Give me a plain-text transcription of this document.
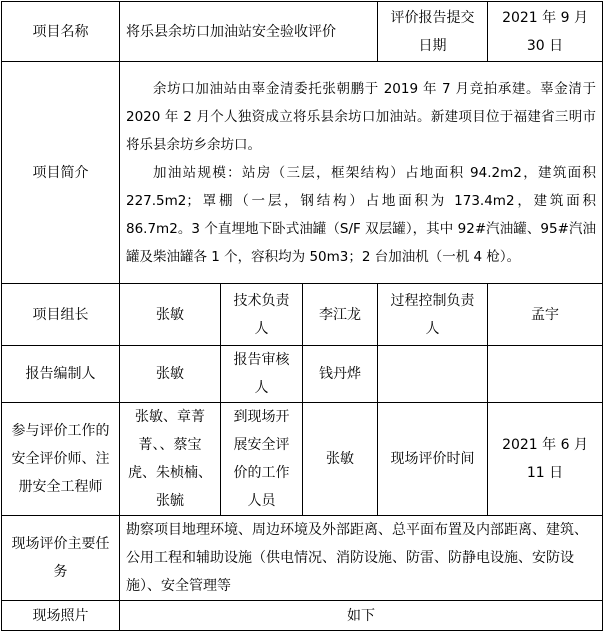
项目名称	将乐县余坊口加油站安全验收评价			评价报告提交日期	2021 年 9 月 30 日
项目简介	余坊口加油站由辜金清委托张朝鹏于 2019 年 7 月竞拍承建。辜金清于 2020 年 2 月个人独资成立将乐县余坊口加油站。新建项目位于福建省三明市将乐县余坊乡余坊口。

加油站规模：站房（三层，框架结构）占地面积 94.2m2，建筑面积 227.5m2；罩棚（一层，钢结构）占地面积为 173.4m2，建筑面积 86.7m2。3 个直埋地下卧式油罐（S/F 双层罐），其中 92#汽油罐、95#汽油罐及柴油罐各 1 个，容积均为 50m3；2 台加油机（一机 4 枪）。				

项目组长	张敏	技术负责人	李江龙	过程控制负责人	孟宇
报告编制人	张敏	报告审核人	钱丹烨		
参与评价工作的安全评价师、注册安全工程师	张敏、章菁菁、、蔡宝虎、朱桢楠、张毓	到现场开展安全评价的工作人员	张敏	现场评价时间	2021 年 6 月 11 日
现场评价主要任务	勘察项目地理环境、周边环境及外部距离、总平面布置及内部距离、建筑、公用工程和辅助设施（供电情况、消防设施、防雷、防静电设施、安防设施）、安全管理等				
现场照片	如下				
